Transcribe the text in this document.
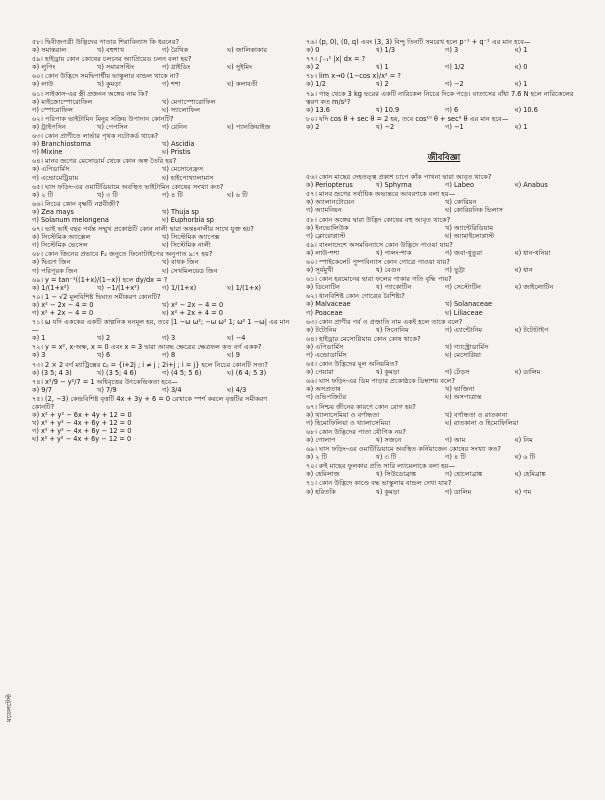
মডেলটেস্ট
৫৮। দ্বিবীজপত্রী উদ্ভিদের পাতার শিরাবিন্যাস কি ধরনের?
ক) সমান্তরাল	খ) বহুশাখ	গ) রৈখিক	ঘ) জালিকাকার
৫৯। হাইড্রায় কোন কোষের চলনের অ্যাপ্রিয়েড চলন বলা হয়?
ক) লুপিং	খ) সমারসল্টিং	গ) গ্লাইডিং	ঘ) সুইমিং
৬০। কোন উদ্ভিদে সমদ্বিপার্শ্বীয় ভাস্কুলার বান্ডল থাকে না?
ক) লাউ	খ) কুমড়া	গ) শশা	ঘ) কলাবতী
৬১। সাইকাস-এর স্ত্রী প্রজনন অঙ্গের নাম কি?
ক) মাইক্রোস্পোরোফিল	খ) মেগাস্পোরোফিল
গ) স্পোরোফিল	ঘ) স্যালোফিল
৬২। পরিপাক ভাইটামিন মিনুর সক্রিয় উপাদান কোনটি?
ক) ট্রাইপসিন	খ) পেপসিন	গ) রেনিন	ঘ) প্যানক্রিয়াইজ
৬৩। কোন প্রাণীতে লার্ভার পৃথক নটোকর্ড থাকে?
ক) Branchiostoma	খ) Ascidia
গ) Mixine	ঘ) Pristis
৬৪। মানব ভ্রূণের মেসোডার্ম থেকে কোন অঙ্গ তৈরি হয়?
ক) এপিডার্মিস	খ) মেসোনেফ্রস
গ) এন্ডোমেট্রিয়াম	ঘ) হাইপোথ্যালামাস
৬৫। ঘাস ফড়িং-এর ওমাটিডিয়ামে অবস্থিত ভাইটামিন কোষের সংখ্যা কত?
ক) ২ টি	খ) ৩ টি	গ) ৪ টি	ঘ) ৬ টি
৬৬। নিচের কোন বৃক্ষটি নগ্নবীজী?
ক) Zea mays	খ) Thuja sp
গ) Solanum melongena	ঘ) Euphorbia sp
৬৭। ভাই ভাই বছর পর্যন্ত সম্মুখ প্রকোষ্ঠটি কোন নালী দ্বারা অন্তঃনালীর সাথে যুক্ত হয়?
ক) সিস্টেমিক অ্যাক্সেল	খ) সিস্টেমিক অ্যাপেক্স
গ) সিস্টেমিক ভেসেল	ঘ) সিস্টেমিক নালী
৬৮। কোন জিনের প্রভাবে F₂ জনুতে ফিনোটাইপের অনুপাত ৯:৭ হয়?
ক) দ্বিগুণ জিন	খ) বাধক জিন
গ) পরিপূরক জিন	ঘ) সেখমিলয়েড জিন
৬৯। y = tan⁻¹((1+x)/(1−x)) হলে dy/dx = ?
ক) 1/(1+x²)	খ) −1/(1+x²)	গ) 1/(1+x)	ঘ) 1/(1+x)
৭০। 1 − √2 মূলবিশিষ্ট দ্বিঘাত সমীকরণ কোনটি?
ক) x² − 2x − 4 = 0	খ) x² − 2x − 4 = 0
গ) x² + 2x − 4 = 0	ঘ) x² + 2x + 4 = 0
৭১। ω যদি এককের একটি কাল্পনিক ঘনমূল হয়, তবে |1 −ω ω²; −ω ω² 1; ω² 1 −ω| এর মান—
ক) 1	খ) 2	গ) 3	ঘ) −4
৭২। y = x², x-অক্ষ, x = 0 এবং x = 3 দ্বারা আবদ্ধ ক্ষেত্রের ক্ষেত্রফল কত বর্গ একক?
ক) 3	খ) 6	গ) 8	ঘ) 9
৭৩। 2 × 2 বর্গ ম্যাট্রিক্সের cᵢⱼ = {i+2j ; i ≠ j ; 2i+j ; i = j} হলে নিচের কোনটি সত্য?
ক) (3 5; 4 3)	খ) (3 5; 4 6)	গ) (4 5; 5 6)	ঘ) (6 4; 5 3)
৭৪। x²/9 − y²/7 = 1 অধিবৃত্তের উৎকেন্দ্রিকতা হবে—
ক) 9/7	খ) 7/9	গ) 3/4	ঘ) 4/3
৭৫। (2, −3) কেন্দ্রবিশিষ্ট বৃত্তটি 4x + 3y + 6 = 0 রেখাকে স্পর্শ করলে বৃত্তটির সমীকরণ কোনটি?
ক) x² + y² − 6x + 4y + 12 = 0
খ) x² + y² − 4x + 6y + 12 = 0
গ) x² + y² − 4x + 6y − 12 = 0
ঘ) x² + y² − 4x + 6y − 12 = 0
৭৬। (p, 0), (0, q) এবং (3, 3) বিন্দু তিনটি সমরেখ হলে p⁻¹ + q⁻¹ এর মান হবে—
ক) 0	খ) 1/3	গ) 3	ঘ) 1
৭৭। ∫₋₁¹ |x| dx = ?
ক) 2	খ) 1	গ) 1/2	ঘ) 0
৭৮। lim x→0 (1−cos x)/x² = ?
ক) 1/2	খ) 2	গ) −2	ঘ) 1
৭৯। গাছ থেকে 3 kg ভরের একটি নারিকেল নিচের দিকে পড়ে। বাতাসের বাঁধা 7.6 N হলে নারিকেলের ত্বরণ কত m/s²?
ক) 13.6	খ) 10.9	গ) 6	ঘ) 10.6
৮০। যদি cos θ + sec θ = 2 হয়, তবে cos¹⁰ θ + sec⁹ θ এর মান হবে—
ক) 2	খ) −2	গ) −1	ঘ) 1
জীববিজ্ঞা
৫৬। কোন মাছের দেহতত্ত্ব প্রকাশ চাপে কাঁক পাখনা দ্বারা আবৃত থাকে?
ক) Periopterus	খ) Sphyrna	গ) Labeo	ঘ) Anabus
৫৭। মানব ভ্রূণের সর্বাধিক অভ্যন্তরে আবরণকে বলা হয়—
ক) অ্যালানটোয়েন	খ) কোরিয়ন
গ) অ্যামনিয়ন	ঘ) কোরিয়নিক ভিলাস
৫৮। কোন অঙ্গের দ্বারা উদ্ভিদ কোষের বহু আবৃত থাকে?
ক) ইনভোলিউক	খ) অ্যান্টেরিডিয়াম
গ) ক্লোরোপ্লাস্ট	ঘ) অ্যামাইলোপ্লাস্ট
৫৯। বাংলাদেশে অসমবিন্যাসে কোন উদ্ভিদে পাওয়া যায়?
ক) লাউ-শশা	খ) পালং-শাক	গ) জবা-ধুতুরা	ঘ) ধান-ধনিয়া
৬০। স্পাইকেলেট পুষ্পবিন্যাস কোন গোত্রে পাওয়া যায়?
ক) সূর্যমুখী	খ) বেগুন	গ) ভুট্টা	ঘ) ধান
৬১। কোন হরমোনের দ্বারা ফলের পাকার গতি বৃদ্ধি পায়?
ক) ডিনোটিন	খ) প্যাকোটিন	গ) সেস্টোটিন	ঘ) জাইলোটিন
৬২। ধানবিশিষ্ট কোন গোত্রের বৈশিষ্ট্য?
ক) Malvaceae	খ) Solanaceae
গ) Poaceae	ঘ) Liliaceae
৬৩। কোন প্রাণীর পর্ব ও প্রজাতি নাম একই হলে তাকে বলে?
ক) টটোনিম	খ) সিনোনিম	গ) এ্যান্টোনিম	ঘ) টটোটাইপ
৬৪। হাইড্রার মেসোগ্লিয়ায় কোন কোষ থাকে?
ক) এপিডার্মিস	খ) গ্যাস্ট্রোডার্মিস
গ) এন্ডোডার্মিস	ঘ) মেসোগ্লিয়া
৬৫। কোন উদ্ভিদের মূল অনিয়মিত?
ক) পেয়ারা	খ) কুমড়া	গ) ঢেঁড়স	ঘ) ডালিম
৬৬। ঘাস ফড়িং-এর ডিম পাড়ার প্রকোষ্ঠকে ডিম্বাশয় বলে?
ক) অসপ্রতাষ	খ) ভাজিনা
গ) ওভিপজিটর	ঘ) অসপাত্রান্ত
৬৭। নিশ্চয় জীনের কারণে কোন রোগ হয়?
ক) থ্যালাসেমিয়া ও বর্ণান্ধতা	খ) বর্ণান্ধতা ও রাতকানা
গ) হিমোফিলিয়া ও থ্যালাসেমিয়া	ঘ) রাতকানা ও হিমোফিলিয়া
৬৮। কোন উদ্ভিদের পাতা যৌগিক নয়?
ক) গোলাপ	খ) সজনে	গ) আম	ঘ) নিম
৬৯। ঘাস ফড়িং-এর ওমাটিডিয়ামে অবস্থিত কর্নিয়াজেন কোষের সংখ্যা কত?
ক) ২ টি	খ) ৩ টি	গ) ৪ টি	ঘ) ৬ টি
৭০। রুই মাছের ফুলকার প্রতি সারি ল্যামেলাকে বলা হয়—
ক) হেমিলাজ	খ) সিউডোব্রাঙ্ক	গ) হোলোব্রাঙ্ক	ঘ) হেমিব্রাঙ্ক
৭১। কোন উদ্ভিদে কাণ্ডে বদ্ধ ভাস্কুলার বান্ডল দেখা যায়?
ক) হরিতকি	খ) কুমড়া	গ) ডালিম	ঘ) গম
